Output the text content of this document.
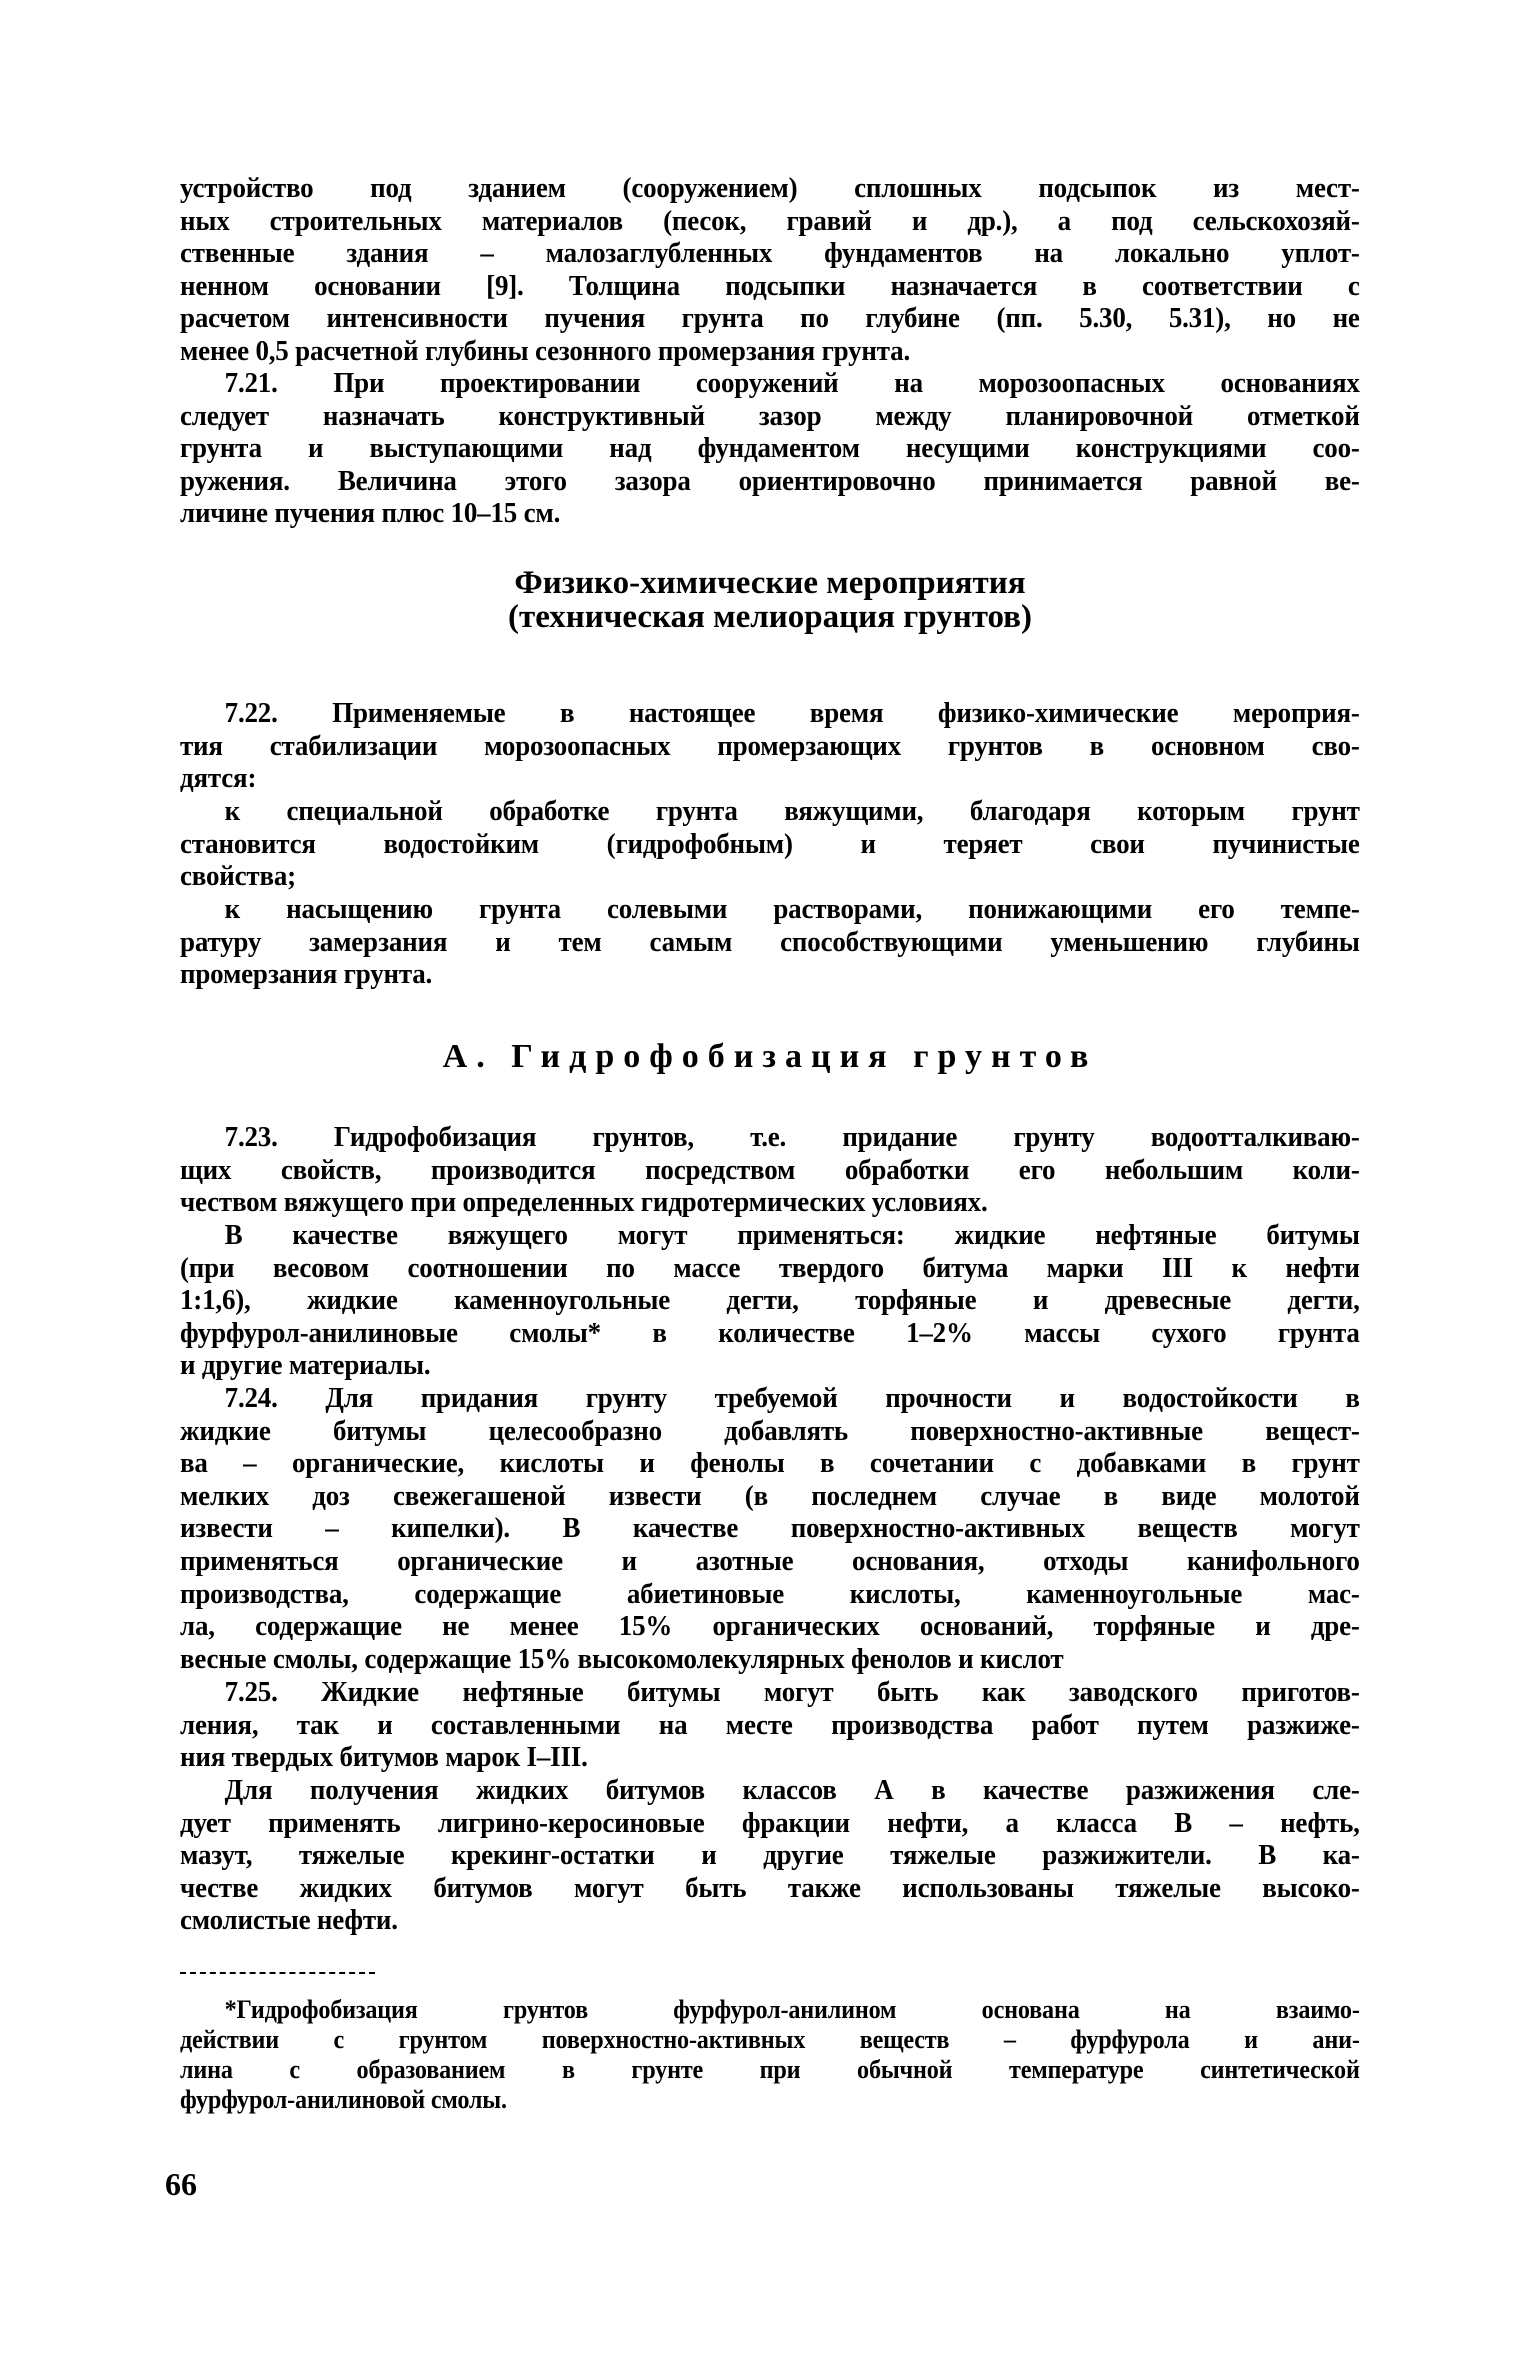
устройство под зданием (сооружением) сплошных подсыпок из мест-
ных строительных материалов (песок, гравий и др.), а под сельскохозяй-
ственные здания – малозаглубленных фундаментов на локально уплот-
ненном основании [9]. Толщина подсыпки назначается в соответствии с
расчетом интенсивности пучения грунта по глубине (пп. 5.30, 5.31), но не
менее 0,5 расчетной глубины сезонного промерзания грунта.
7.21. При проектировании сооружений на морозоопасных основаниях
следует назначать конструктивный зазор между планировочной отметкой
грунта и выступающими над фундаментом несущими конструкциями соо-
ружения. Величина этого зазора ориентировочно принимается равной ве-
личине пучения плюс 10–15 см.
Физико-химические мероприятия
(техническая мелиорация грунтов)
7.22. Применяемые в настоящее время физико-химические мероприя-
тия стабилизации морозоопасных промерзающих грунтов в основном сво-
дятся:
к специальной обработке грунта вяжущими, благодаря которым грунт
становится водостойким (гидрофобным) и теряет свои пучинистые
свойства;
к насыщению грунта солевыми растворами, понижающими его темпе-
ратуру замерзания и тем самым способствующими уменьшению глубины
промерзания грунта.
А. Гидрофобизация грунтов
7.23. Гидрофобизация грунтов, т.е. придание грунту водоотталкиваю-
щих свойств, производится посредством обработки его небольшим коли-
чеством вяжущего при определенных гидротермических условиях.
В качестве вяжущего могут применяться: жидкие нефтяные битумы
(при весовом соотношении по массе твердого битума марки III к нефти
1:1,6), жидкие каменноугольные дегти, торфяные и древесные дегти,
фурфурол-анилиновые смолы* в количестве 1–2% массы сухого грунта
и другие материалы.
7.24. Для придания грунту требуемой прочности и водостойкости в
жидкие битумы целесообразно добавлять поверхностно-активные вещест-
ва – органические, кислоты и фенолы в сочетании с добавками в грунт
мелких доз свежегашеной извести (в последнем случае в виде молотой
извести – кипелки). В качестве поверхностно-активных веществ могут
применяться органические и азотные основания, отходы канифольного
производства, содержащие абиетиновые кислоты, каменноугольные мас-
ла, содержащие не менее 15% органических оснований, торфяные и дре-
весные смолы, содержащие 15% высокомолекулярных фенолов и кислот
7.25. Жидкие нефтяные битумы могут быть как заводского приготов-
ления, так и составленными на месте производства работ путем разжиже-
ния твердых битумов марок I–III.
Для получения жидких битумов классов А в качестве разжижения сле-
дует применять лигрино-керосиновые фракции нефти, а класса В – нефть,
мазут, тяжелые крекинг-остатки и другие тяжелые разжижители. В ка-
честве жидких битумов могут быть также использованы тяжелые высоко-
смолистые нефти.
*Гидрофобизация грунтов фурфурол-анилином основана на взаимо-
действии с грунтом поверхностно-активных веществ – фурфурола и ани-
лина с образованием в грунте при обычной температуре синтетической
фурфурол-анилиновой смолы.
66
